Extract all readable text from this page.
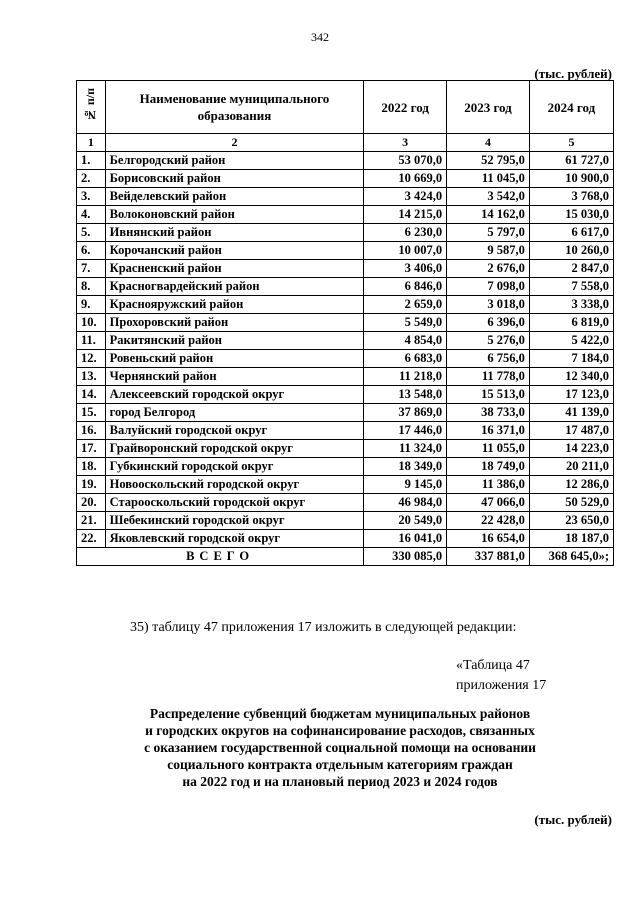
342
(тыс. рублей)
№ п/п	Наименование муниципального образования	2022 год	2023 год	2024 год
1	2	3	4	5
1.	Белгородский район	53 070,0	52 795,0	61 727,0
2.	Борисовский район	10 669,0	11 045,0	10 900,0
3.	Вейделевский район	3 424,0	3 542,0	3 768,0
4.	Волоконовский район	14 215,0	14 162,0	15 030,0
5.	Ивнянский район	6 230,0	5 797,0	6 617,0
6.	Корочанский район	10 007,0	9 587,0	10 260,0
7.	Красненский район	3 406,0	2 676,0	2 847,0
8.	Красногвардейский район	6 846,0	7 098,0	7 558,0
9.	Краснояружский район	2 659,0	3 018,0	3 338,0
10.	Прохоровский район	5 549,0	6 396,0	6 819,0
11.	Ракитянский район	4 854,0	5 276,0	5 422,0
12.	Ровеньский район	6 683,0	6 756,0	7 184,0
13.	Чернянский район	11 218,0	11 778,0	12 340,0
14.	Алексеевский городской округ	13 548,0	15 513,0	17 123,0
15.	город Белгород	37 869,0	38 733,0	41 139,0
16.	Валуйский городской округ	17 446,0	16 371,0	17 487,0
17.	Грайворонский городской округ	11 324,0	11 055,0	14 223,0
18.	Губкинский городской округ	18 349,0	18 749,0	20 211,0
19.	Новооскольский городской округ	9 145,0	11 386,0	12 286,0
20.	Старооскольский городской округ	46 984,0	47 066,0	50 529,0
21.	Шебекинский городской округ	20 549,0	22 428,0	23 650,0
22.	Яковлевский городской округ	16 041,0	16 654,0	18 187,0
ВСЕГО		330 085,0	337 881,0	368 645,0»;
35) таблицу 47 приложения 17 изложить в следующей редакции:
«Таблица 47
приложения 17
Распределение субвенций бюджетам муниципальных районов
и городских округов на софинансирование расходов, связанных
с оказанием государственной социальной помощи на основании
социального контракта отдельным категориям граждан
на 2022 год и на плановый период 2023 и 2024 годов
(тыс. рублей)
